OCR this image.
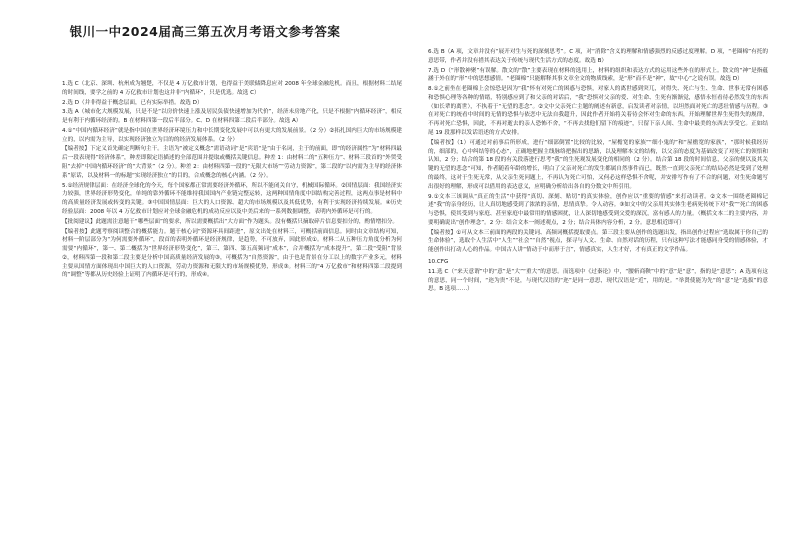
银川一中2024届高三第五次月考语文参考答案

1.选 C（北京、深圳、杭州成为翘楚，不仅是 4 万亿救市计划，也得益于美联储降息应对 2008 年全球金融危机。而且，根据材料二结尾的时间线，要学之前的 4 万亿救市计划也这并非“内循环”，只是优选。故选 C）

2.选 D（并非得益于概念层面，已有实际举措。故选 D）

3.选 A（城市化大规模发展，只是不是“以房价快速上涨及居民负债快速增加为代价”，经济未房地产化，只是不根据“内循环经济”，相反是有利于内循环经济的。B 在材料四第一段后半部分。C、D 在材料四第二段后半部分。故选 A）

4.①“中国内循环经济”就是指中国在世界经济环境压力和中长期变化发展中可以有更大的发展前景。（2 分）②拓扎国内巨大的市场规模建立的，以内需为主导，以实现经济独立为目的的经济发展体系。（2 分）

【编者按】下定义首先确定判断句主干。主语为“被定义概念”需语动词“是”宾语“是”由于名词，主于的前面，即“的经济属性”为“材料四最后一段表现得”经济体系”，种差即限定语描述的全部范围并提取或概括关键信息。种差 1：由材料二的“五种压力”、材料三段首的“外贸受阻”去掉“中国内循环经济”的“大背景”（2 分）。种差 2：由材料四第一段的“无限大市场”“劳动力资源”，第二段的“以内需为主导的经济体系”原话，以及材料一的标题“实现经济独立”的目的，合成概念的核心内涵。（2 分）。

5.①经济规律层面：在经济全球化的今天，每个国家都正常需要经济外循环，所以不能闭关自守，机械国际循环。②国情层面：我国经济实力较强，世界经济形势变化，单纯的靠外循环不能维持我国国内产业链完整运转，这两种国情角度中国结构完善过程，这两点事是材料中的高质量经济发展或转变的关键。③中国国情层面：巨大的人口资源、超大的市场规模以及其低优势，有利于实现经济持续发展。④历史经验层面：2008 年以 4 万亿救市计划应对全球金融危机的成功反应以及中美后来的一系列数据调整，表明内外循环是可行的。

【批阅建议】此题需注意题干“哪些层面”的要求，所以需要概括出“大方面”作为题头。没有概括只摘取碎片信息要扣分的，酌情增扣分。

【编者按】此题考察阅读整合的概括能力。题干核心词“资源环具间距进”，原文出处在材料三，可概括前面信息。同时由文章结构可知，材料一阶层部分为“为何需要外循环”，段首的表明外循环是经济规律，是趋势，不可放弃，因此形成①。材料二从五种压力角度分析为何需要“内循环”，第一、第二概括为“世界经济形势变化”，第三、第四、第五高频词“成本”，合并概括为“成本提升”，第二段“受阻”背景②，材料四第一段和第二段主要是分析中国高质量经济发展的③，可概括为“自然资源”，由于也是背景在分工以上的数字产业多元，材料主要从国情方面体现出中国巨大的人口资源，劳动力资源和无限大的市场规模优势，形成③。材料三的“4 万亿救市”和材料四第二段提到的“调整”等都从历史经验上证明了内循环是可行的，形成④。

6.选 B（A 项，文章并没有“展开对生与死的深刻思考”。C 项，对“消除”含义的理解和情感强烈的反感过度理解。D 项，“老圈棉”有托的意思带，作者并没有措其表达关于传统与现代生活方式的态度。故选 B）

7.选 D（“形散神聚”有误解。散文的“散”主要表现在材料的选用上，材料的组织和表达方式的运用这些外在的形式上。散文的“神”是指蕴涵于外在的“形”中的思想感情。“老圈棉”只能解释其事文章全文的物质线索，是“形”而不是“神”，故“中心”之说有误。故选 D）

8.①之前坐在老圈棉上会惊恐是因为“我”怀有对死亡的困惑与恐惧，对家人的离世感到突兀，对得失、死亡与生、生命、世事无常有困惑和恐惧心理等各种的情绪，特别感应到了和父亲的对话后，“我”恐惧对父亲的爱、对生命、生死有渐渐觉，感悟永恒看待必然发生的东西（如长辈的离世），不执着于“无望的悲念”。②文中父亲死亡主题的阐述有新意，启发读者对亲情，以坦然面对死亡的悲壮情感与历程。③在对死亡的统看中时间的无情的恐惧与依恋中无法自我超升，因此作者开始将关着待会怀对生命的东西，开始理解世界生死得失的规律，不再对死亡恐惧，因此，不再对逝去的亲人恐怖不舍，“不再去找他们留下的痕迹”，只留下亲人间、生命中最美的东西去享受它。正如结尾 19 段那样以发话语述的方式安排。

【编者按】（1）可通过对前事后所形成，进行“细部倒置”比较的比较，“屋檐宽的家族”“细小鬼的”和“屋檐宽的家族”，“那时候我经历的，细部的，心中纠结等的心态”，正确地把握主线脉络把握出的思路，以及理解本文的结构，以父亲的态度为基础改变了对死亡的领悟和认知，2 分；结合的第 18 段的有关段落进行思考“我”的生死观发展变化的相同的（2 分）。结合第 18 段的时间信息，父亲的便以及其关键的无望的悲念“可知，作者随着年龄的增长，明白了父亲对死亡的发生都属自然事件而已，既然一直到父亲死亡的结局必然是受到了处理的最终，这对于生死无常，从父亲生死问题上，不再认为死亡可怕，又何必这样恐惧不舍呢，并安排写作有了不合的问题，对生死命题写出很好的理解，形成可以借用的表达意义，应明确分析给出各自的分数文中所引用。

9.①文本三该调从“真正的生活”中获得“真切、深刻、贴切”的真实体验，创作应以“重要的情感”来打动读者。②文本一围绕老圈棉记述“我”的亲身经历，让人真切地感受到了浓浓的亲情，思情真挚。令人动容。③如文中的父亲用其实体生老病死传统下对“我”“死亡的困惑与恐惧，使其受到与家庭、甚至家庭中最常用的情感困扰，让人深切地感受到父爱的深沉，富有感人的力量。（概括文本二的主要内容，并要明确说出“创作理念”。2 分：结合文本一阐述观点，2 分；结合具体内容分析，2 分。意思相近即可）

【编者按】①可从文本三前面的两段的关键词、高频词概括提取要点。第三段主要从创作的选题出发，指出创作过程应“选取属于你自己的生命体验”，选取个人生活中“人生”“社会”“自然”视点，探寻与人文、生命、自然对话的历程，只有这种写法才能感同身受的情感体验，才能创作出打动人心的作品。中国古人讲“情动于中而形于言”，情感真实，人生才好，才有真正的文学作品。

10.CFG

11.选 C（“来天意谓”中的“意”是“大”“重大”的意思。而选项中《过秦论》中，“腰斩商鞅”中的“意”是“意”，指的是“意思”；A 选项有这的意思，同一个时间，“迩为贵”不是，与现代汉语的“迩”是同一意思，现代汉语是“近”，用的是。“举贤使能为先”的“意”是“选拔”的意思。B 选项……）
